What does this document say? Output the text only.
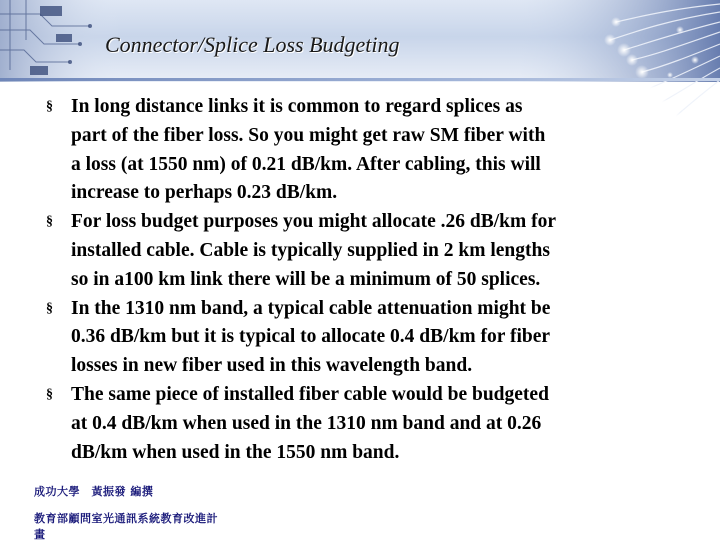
Connector/Splice Loss Budgeting
§ In long distance links it is common to regard splices as
part of the fiber loss. So you might get raw SM fiber with
a loss (at 1550 nm) of 0.21 dB/km. After cabling, this will
increase to perhaps 0.23 dB/km.
§ For loss budget purposes you might allocate .26 dB/km for
installed cable. Cable is typically supplied in 2 km lengths
so in a100 km link there will be a minimum of 50 splices.
§ In the 1310 nm band, a typical cable attenuation might be
0.36 dB/km but it is typical to allocate 0.4 dB/km for fiber
losses in new fiber used in this wavelength band.
§ The same piece of installed fiber cable would be budgeted
at 0.4 dB/km when used in the 1310 nm band and at 0.26
dB/km when used in the 1550 nm band.
成功大學　黃振發 編撰
教育部顧問室光通訊系統教育改進計
畫
